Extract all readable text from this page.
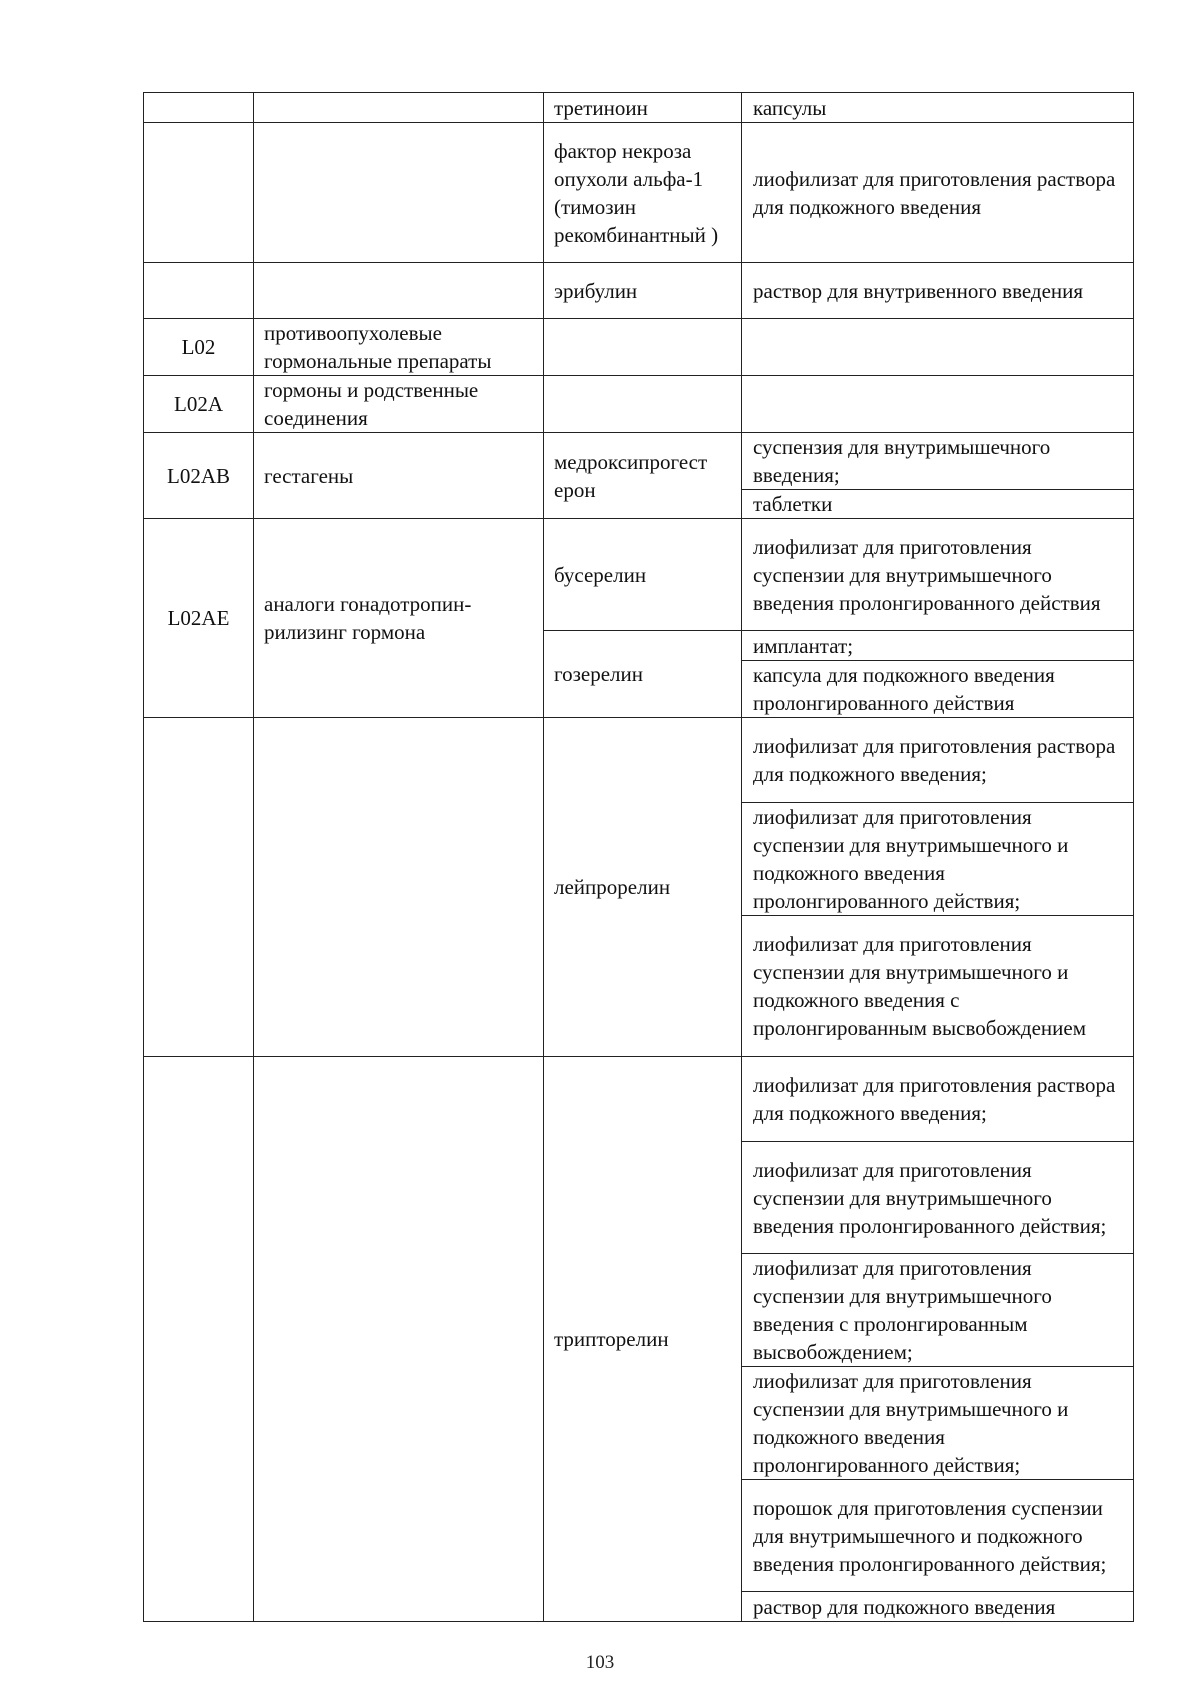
		третиноин	капсулы
		фактор некроза опухоли альфа-1 (тимозин рекомбинантный )	лиофилизат для приготовления раствора для подкожного введения
		эрибулин	раствор для внутривенного введения
L02	противоопухолевые гормональные препараты		
L02A	гормоны и родственные соединения		
L02AB	гестагены	медроксипрогест ерон	суспензия для внутримышечного введения;
			таблетки
L02AE	аналоги гонадотропин-рилизинг гормона	бусерелин	лиофилизат для приготовления суспензии для внутримышечного введения пролонгированного действия
		гозерелин	имплантат;
			капсула для подкожного введения пролонгированного действия
		лейпрорелин	лиофилизат для приготовления раствора для подкожного введения;
			лиофилизат для приготовления суспензии для внутримышечного и подкожного введения пролонгированного действия;
			лиофилизат для приготовления суспензии для внутримышечного и подкожного введения с пролонгированным высвобождением
		трипторелин	лиофилизат для приготовления раствора для подкожного введения;
			лиофилизат для приготовления суспензии для внутримышечного введения пролонгированного действия;
			лиофилизат для приготовления суспензии для внутримышечного введения с пролонгированным высвобождением;
			лиофилизат для приготовления суспензии для внутримышечного и подкожного введения пролонгированного действия;
			порошок для приготовления суспензии для внутримышечного и подкожного введения пролонгированного действия;
			раствор для подкожного введения
103
